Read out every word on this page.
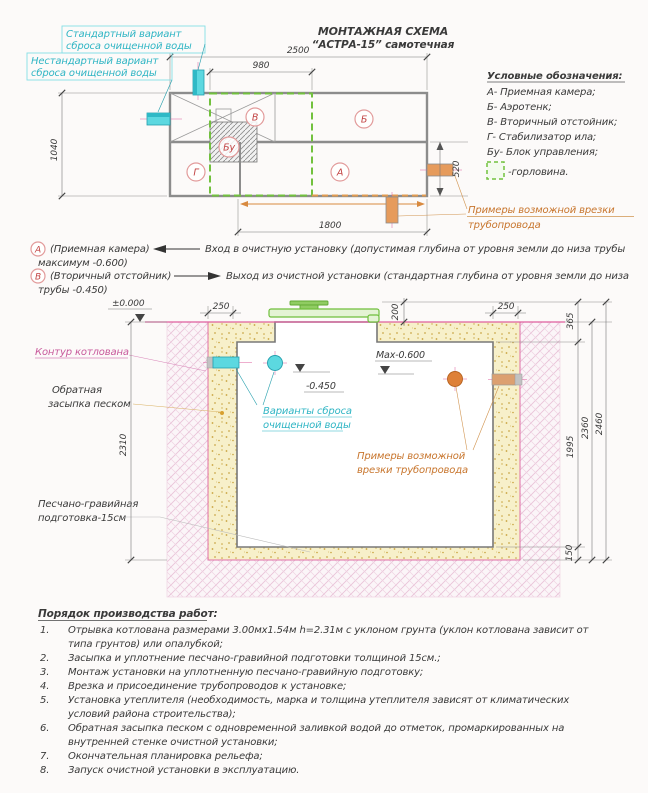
МОНТАЖНАЯ СХЕМА
“АСТРА-15” самотечная
В	Б
Г	А
Бу
2500
980
1040
520
1800
Стандартный вариант
сброса очищенной воды
Нестандартный вариант
сброса очищенной воды
Примеры возможной врезки
трубопровода
Условные обозначения:
А- Приемная камера;
Б- Аэротенк;
В- Вторичный отстойник;
Г- Стабилизатор ила;
Бу- Блок управления;
-горловина.
А (Приемная камера)	Вход в очистную установку (допустимая глубина от уровня земли до низа трубы
максимум -0.600)
В (Вторичный отстойник)	Выход из очистной установки (стандартная глубина от уровня земли до низа
трубы -0.450)
±0.000	250	200	250
-0.450
Max-0.600
Варианты сброса
очищенной воды
Примеры возможной
врезки трубопровода
Контур котлована
Обратная
засыпка песком
Песчано-гравийная
подготовка-15см
2310
365
1995
150
2360 2460
Порядок производства работ:
1. Отрывка котлована размерами 3.00мх1.54м h=2.31м с уклоном грунта (уклон котлована зависит от
типа грунтов) или опалубкой;
2. Засыпка и уплотнение песчано-гравийной подготовки толщиной 15см.;
3. Монтаж установки на уплотненную песчано-гравийную подготовку;
4. Врезка и присоединение трубопроводов к установке;
5. Установка утеплителя (необходимость, марка и толщина утеплителя зависят от климатических
условий района строительства);
6. Обратная засыпка песком с одновременной заливкой водой до отметок, промаркированных на
внутренней стенке очистной установки;
7. Окончательная планировка рельефа;
8. Запуск очистной установки в эксплуатацию.
